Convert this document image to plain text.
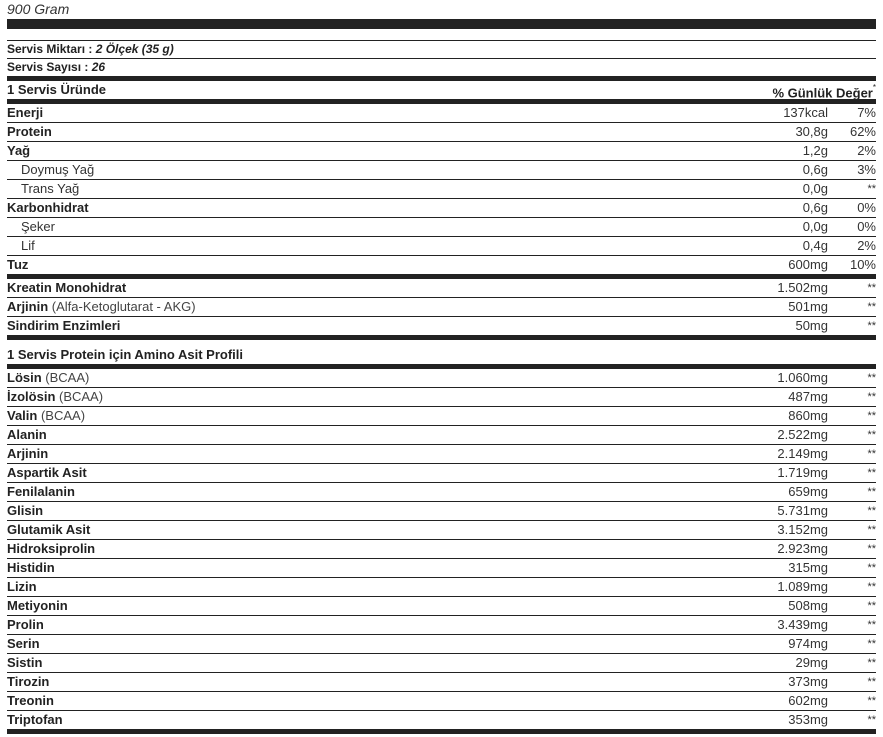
900 Gram
Servis Miktarı : 2 Ölçek (35 g)
Servis Sayısı : 26
1 Servis Üründe	% Günlük Değer*
Enerji	137kcal	7%
Protein	30,8g	62%
Yağ	1,2g	2%
Doymuş Yağ	0,6g	3%
Trans Yağ	0,0g	**
Karbonhidrat	0,6g	0%
Şeker	0,0g	0%
Lif	0,4g	2%
Tuz	600mg	10%
Kreatin Monohidrat	1.502mg	**
Arjinin (Alfa-Ketoglutarat - AKG)	501mg	**
Sindirim Enzimleri	50mg	**
1 Servis Protein için Amino Asit Profili
Lösin (BCAA)	1.060mg	**
İzolösin (BCAA)	487mg	**
Valin (BCAA)	860mg	**
Alanin	2.522mg	**
Arjinin	2.149mg	**
Aspartik Asit	1.719mg	**
Fenilalanin	659mg	**
Glisin	5.731mg	**
Glutamik Asit	3.152mg	**
Hidroksiprolin	2.923mg	**
Histidin	315mg	**
Lizin	1.089mg	**
Metiyonin	508mg	**
Prolin	3.439mg	**
Serin	974mg	**
Sistin	29mg	**
Tirozin	373mg	**
Treonin	602mg	**
Triptofan	353mg	**
